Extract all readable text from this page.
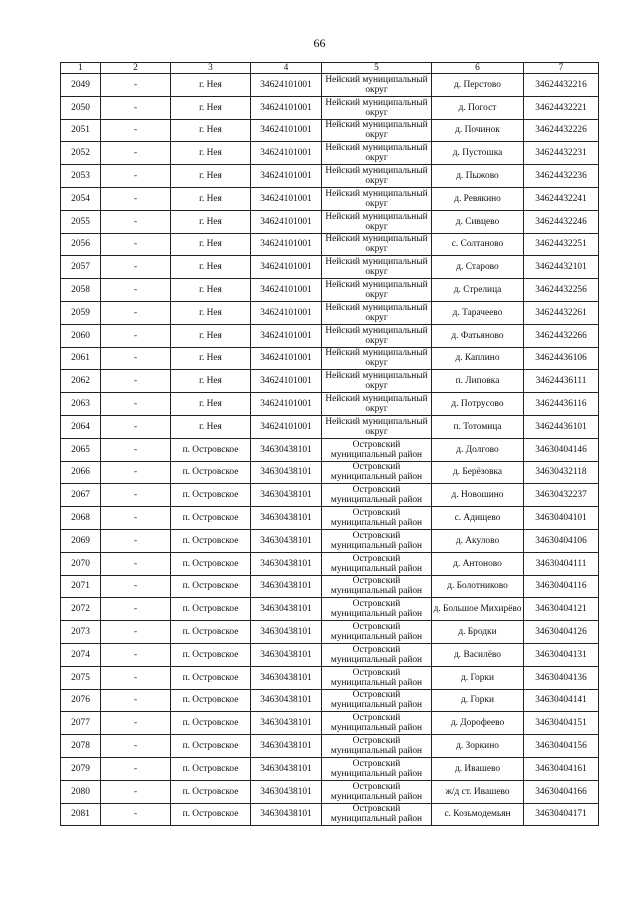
66
1	2	3	4	5	6	7
2049	-	г. Нея	34624101001	Нейский муниципальный округ	д. Перстово	34624432216
2050	-	г. Нея	34624101001	Нейский муниципальный округ	д. Погост	34624432221
2051	-	г. Нея	34624101001	Нейский муниципальный округ	д. Починок	34624432226
2052	-	г. Нея	34624101001	Нейский муниципальный округ	д. Пустошка	34624432231
2053	-	г. Нея	34624101001	Нейский муниципальный округ	д. Пыжово	34624432236
2054	-	г. Нея	34624101001	Нейский муниципальный округ	д. Ревякино	34624432241
2055	-	г. Нея	34624101001	Нейский муниципальный округ	д. Сивцево	34624432246
2056	-	г. Нея	34624101001	Нейский муниципальный округ	с. Солтаново	34624432251
2057	-	г. Нея	34624101001	Нейский муниципальный округ	д. Старово	34624432101
2058	-	г. Нея	34624101001	Нейский муниципальный округ	д. Стрелица	34624432256
2059	-	г. Нея	34624101001	Нейский муниципальный округ	д. Тарачеево	34624432261
2060	-	г. Нея	34624101001	Нейский муниципальный округ	д. Фатьяново	34624432266
2061	-	г. Нея	34624101001	Нейский муниципальный округ	д. Каплино	34624436106
2062	-	г. Нея	34624101001	Нейский муниципальный округ	п. Липовка	34624436111
2063	-	г. Нея	34624101001	Нейский муниципальный округ	д. Потрусово	34624436116
2064	-	г. Нея	34624101001	Нейский муниципальный округ	п. Тотомица	34624436101
2065	-	п. Островское	34630438101	Островский муниципальный район	д. Долгово	34630404146
2066	-	п. Островское	34630438101	Островский муниципальный район	д. Берёзовка	34630432118
2067	-	п. Островское	34630438101	Островский муниципальный район	д. Новошино	34630432237
2068	-	п. Островское	34630438101	Островский муниципальный район	с. Адищево	34630404101
2069	-	п. Островское	34630438101	Островский муниципальный район	д. Акулово	34630404106
2070	-	п. Островское	34630438101	Островский муниципальный район	д. Антоново	34630404111
2071	-	п. Островское	34630438101	Островский муниципальный район	д. Болотниково	34630404116
2072	-	п. Островское	34630438101	Островский муниципальный район	д. Большое Михирёво	34630404121
2073	-	п. Островское	34630438101	Островский муниципальный район	д. Бродки	34630404126
2074	-	п. Островское	34630438101	Островский муниципальный район	д. Василёво	34630404131
2075	-	п. Островское	34630438101	Островский муниципальный район	д. Горки	34630404136
2076	-	п. Островское	34630438101	Островский муниципальный район	д. Горки	34630404141
2077	-	п. Островское	34630438101	Островский муниципальный район	д. Дорофеево	34630404151
2078	-	п. Островское	34630438101	Островский муниципальный район	д. Зоркино	34630404156
2079	-	п. Островское	34630438101	Островский муниципальный район	д. Ивашево	34630404161
2080	-	п. Островское	34630438101	Островский муниципальный район	ж/д ст. Ивашево	34630404166
2081	-	п. Островское	34630438101	Островский муниципальный район	с. Козьмодемьян	34630404171
